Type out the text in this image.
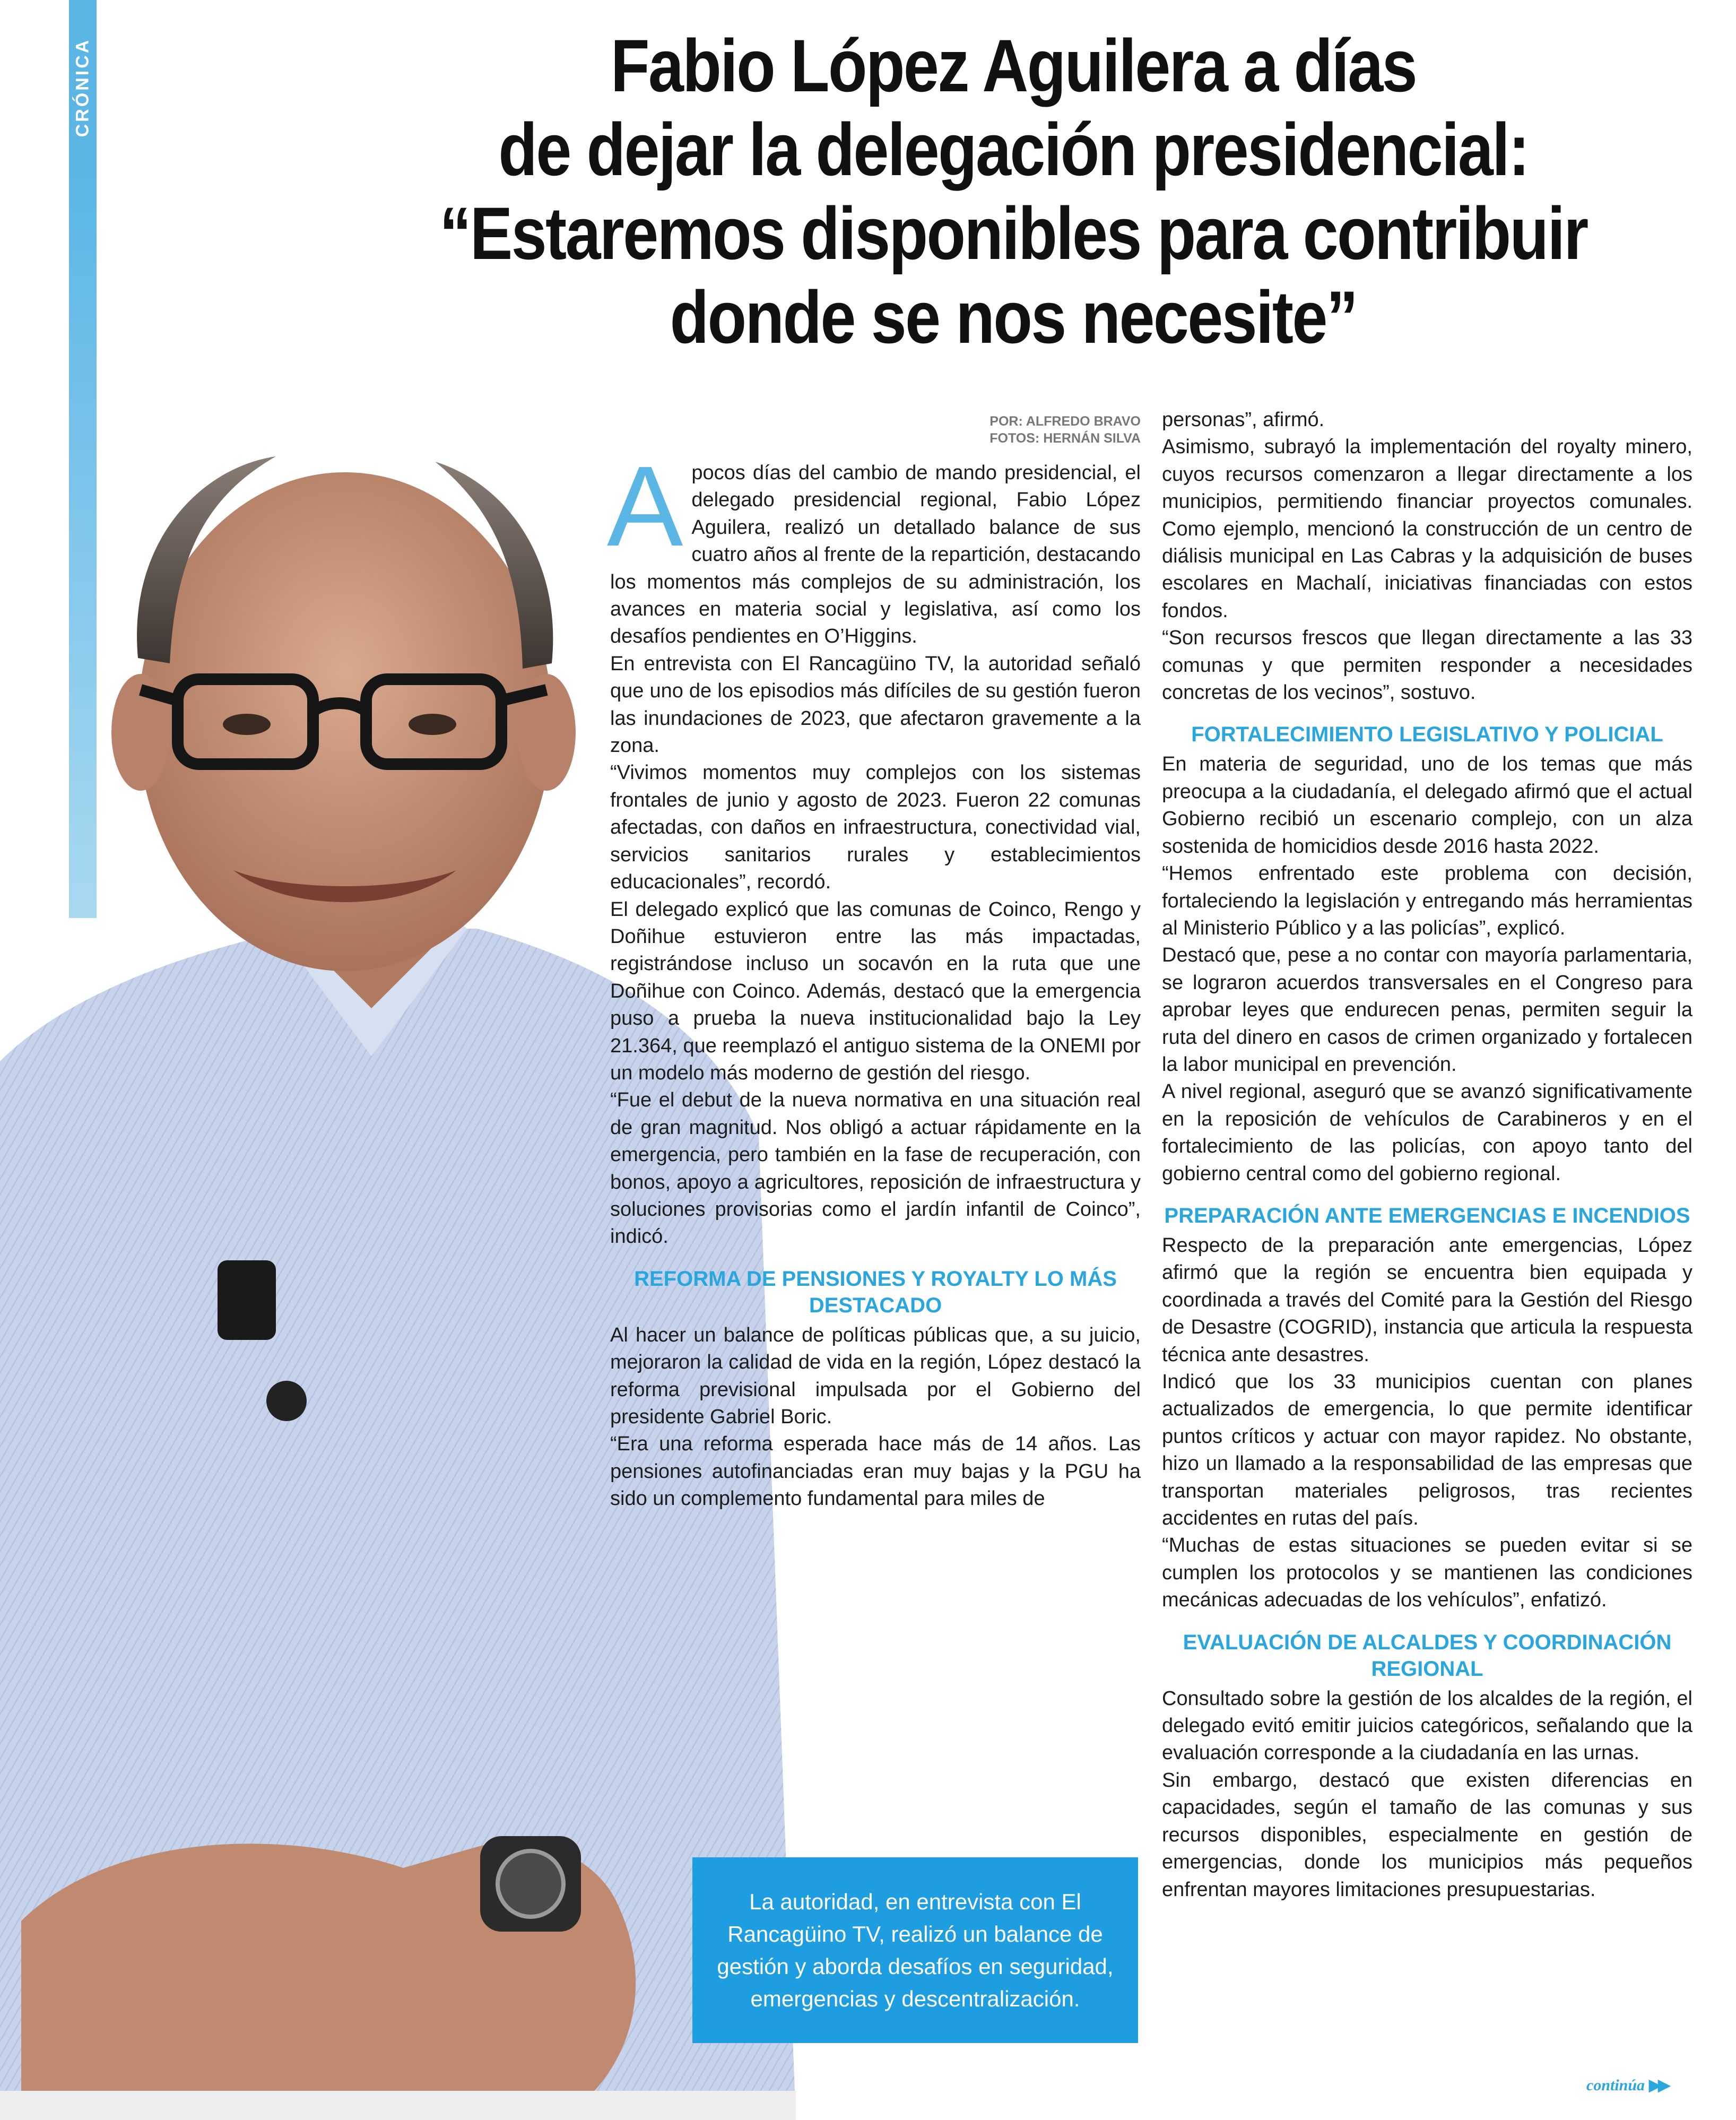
CRÓNICA	Fabio López Aguilera a días
de dejar la delegación presidencial:
“Estaremos disponibles para contribuir
donde se nos necesite”
POR: ALFREDO BRAVO
FOTOS: HERNÁN SILVA

Apocos días del cambio de mando presidencial, el delegado presidencial regional, Fabio López Aguilera, realizó un detallado balance de sus cuatro años al frente de la repartición, destacando los momentos más complejos de su administración, los avances en materia social y legislativa, así como los desafíos pendientes en O’Higgins.

En entrevista con El Rancagüino TV, la autoridad señaló que uno de los episodios más difíciles de su gestión fueron las inundaciones de 2023, que afectaron gravemente a la zona.

“Vivimos momentos muy complejos con los sistemas frontales de junio y agosto de 2023. Fueron 22 comunas afectadas, con daños en infraestructura, conectividad vial, servicios sanitarios rurales y establecimientos educacionales”, recordó.

El delegado explicó que las comunas de Coinco, Rengo y Doñihue estuvieron entre las más impactadas, registrándose incluso un socavón en la ruta que une Doñihue con Coinco. Además, destacó que la emergencia puso a prueba la nueva institucionalidad bajo la Ley 21.364, que reemplazó el antiguo sistema de la ONEMI por un modelo más moderno de gestión del riesgo.

“Fue el debut de la nueva normativa en una situación real de gran magnitud. Nos obligó a actuar rápidamente en la emergencia, pero también en la fase de recuperación, con bonos, apoyo a agricultores, reposición de infraestructura y soluciones provisorias como el jardín infantil de Coinco”, indicó.

REFORMA DE PENSIONES Y ROYALTY LO MÁS DESTACADO

Al hacer un balance de políticas públicas que, a su juicio, mejoraron la calidad de vida en la región, López destacó la reforma previsional impulsada por el Gobierno del presidente Gabriel Boric.

“Era una reforma esperada hace más de 14 años. Las pensiones autofinanciadas eran muy bajas y la PGU ha sido un complemento fundamental para miles de

personas”, afirmó.

Asimismo, subrayó la implementación del royalty minero, cuyos recursos comenzaron a llegar directamente a los municipios, permitiendo financiar proyectos comunales. Como ejemplo, mencionó la construcción de un centro de diálisis municipal en Las Cabras y la adquisición de buses escolares en Machalí, iniciativas financiadas con estos fondos.

“Son recursos frescos que llegan directamente a las 33 comunas y que permiten responder a necesidades concretas de los vecinos”, sostuvo.

FORTALECIMIENTO LEGISLATIVO Y POLICIAL

En materia de seguridad, uno de los temas que más preocupa a la ciudadanía, el delegado afirmó que el actual Gobierno recibió un escenario complejo, con un alza sostenida de homicidios desde 2016 hasta 2022.

“Hemos enfrentado este problema con decisión, fortaleciendo la legislación y entregando más herramientas al Ministerio Público y a las policías”, explicó.

Destacó que, pese a no contar con mayoría parlamentaria, se lograron acuerdos transversales en el Congreso para aprobar leyes que endurecen penas, permiten seguir la ruta del dinero en casos de crimen organizado y fortalecen la labor municipal en prevención.

A nivel regional, aseguró que se avanzó significativamente en la reposición de vehículos de Carabineros y en el fortalecimiento de las policías, con apoyo tanto del gobierno central como del gobierno regional.

PREPARACIÓN ANTE EMERGENCIAS E INCENDIOS

Respecto de la preparación ante emergencias, López afirmó que la región se encuentra bien equipada y coordinada a través del Comité para la Gestión del Riesgo de Desastre (COGRID), instancia que articula la respuesta técnica ante desastres.

Indicó que los 33 municipios cuentan con planes actualizados de emergencia, lo que permite identificar puntos críticos y actuar con mayor rapidez. No obstante, hizo un llamado a la responsabilidad de las empresas que transportan materiales peligrosos, tras recientes accidentes en rutas del país.

“Muchas de estas situaciones se pueden evitar si se cumplen los protocolos y se mantienen las condiciones mecánicas adecuadas de los vehículos”, enfatizó.

EVALUACIÓN DE ALCALDES Y COORDINACIÓN REGIONAL

Consultado sobre la gestión de los alcaldes de la región, el delegado evitó emitir juicios categóricos, señalando que la evaluación corresponde a la ciudadanía en las urnas.

Sin embargo, destacó que existen diferencias en capacidades, según el tamaño de las comunas y sus recursos disponibles, especialmente en gestión de emergencias, donde los municipios más pequeños enfrentan mayores limitaciones presupuestarias.

La autoridad, en entrevista con El Rancagüino TV, realizó un balance de gestión y aborda desafíos en seguridad, emergencias y descentralización.
continúa ▶▶
